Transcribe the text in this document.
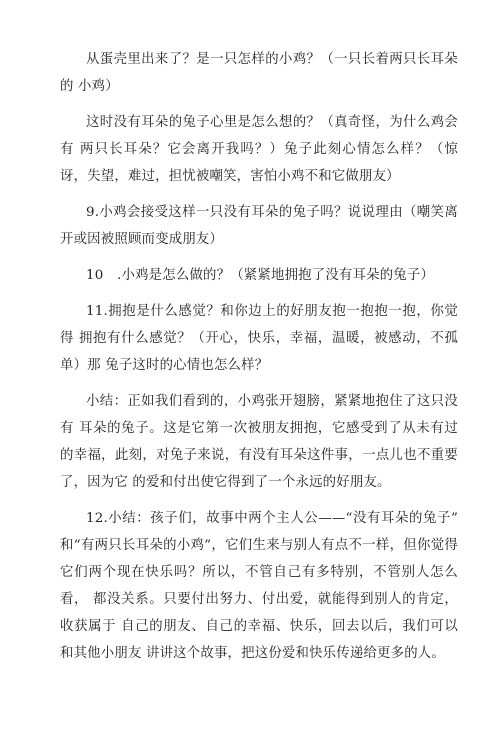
从蛋壳里出来了？是一只怎样的小鸡？（一只长着两只长耳朵的 小鸡）

这时没有耳朵的兔子心里是怎么想的？（真奇怪，为什么鸡会有 两只长耳朵？它会离开我吗？）兔子此刻心情怎么样？（惊讶，失望，难过，担忧被嘲笑，害怕小鸡不和它做朋友）

9.小鸡会接受这样一只没有耳朵的兔子吗？说说理由（嘲笑离 开或因被照顾而变成朋友）

10　.小鸡是怎么做的？（紧紧地拥抱了没有耳朵的兔子）

11.拥抱是什么感觉？和你边上的好朋友抱一抱抱一抱，你觉得 拥抱有什么感觉？（开心，快乐，幸福，温暖，被感动，不孤单）那 兔子这时的心情也怎么样？

小结：正如我们看到的，小鸡张开翅膀，紧紧地抱住了这只没有 耳朵的兔子。这是它第一次被朋友拥抱，它感受到了从未有过的幸福，此刻，对兔子来说，有没有耳朵这件事，一点儿也不重要了，因为它 的爱和付出使它得到了一个永远的好朋友。

12.小结：孩子们，故事中两个主人公——“没有耳朵的兔子” 和“有两只长耳朵的小鸡”，它们生来与别人有点不一样，但你觉得 它们两个现在快乐吗？所以，不管自己有多特别，不管别人怎么看， 都没关系。只要付出努力、付出爱，就能得到别人的肯定，收获属于 自己的朋友、自己的幸福、快乐，回去以后，我们可以和其他小朋友 讲讲这个故事，把这份爱和快乐传递给更多的人。
